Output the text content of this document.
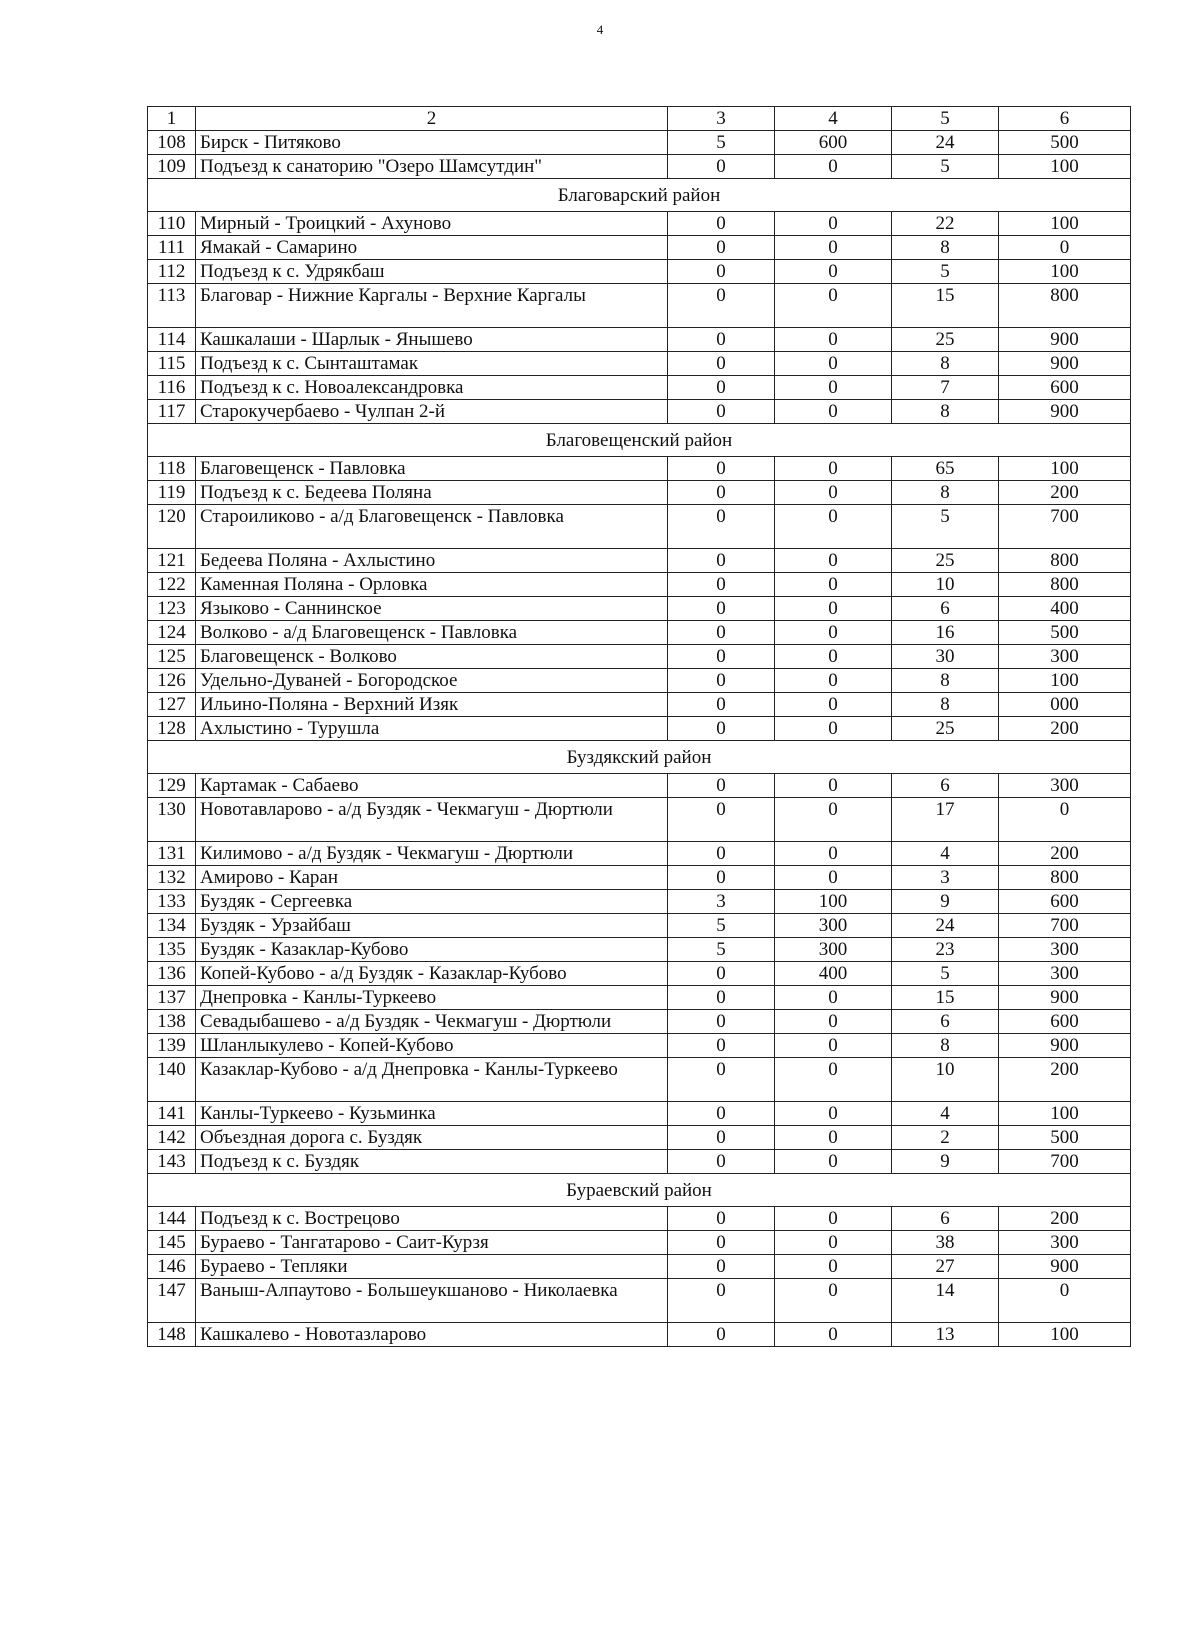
4
1	2	3	4	5	6
108	Бирск - Питяково	5	600	24	500
109	Подъезд к санаторию "Озеро Шамсутдин"	0	0	5	100
Благоварский район					
110	Мирный - Троицкий - Ахуново	0	0	22	100
111	Ямакай - Самарино	0	0	8	0
112	Подъезд к с. Удрякбаш	0	0	5	100
113	Благовар - Нижние Каргалы - Верхние Каргалы	0	0	15	800
114	Кашкалаши - Шарлык - Янышево	0	0	25	900
115	Подъезд к с. Сынташтамак	0	0	8	900
116	Подъезд к с. Новоалександровка	0	0	7	600
117	Старокучербаево - Чулпан 2-й	0	0	8	900
Благовещенский район					
118	Благовещенск - Павловка	0	0	65	100
119	Подъезд к с. Бедеева Поляна	0	0	8	200
120	Староиликово - а/д Благовещенск - Павловка	0	0	5	700
121	Бедеева Поляна - Ахлыстино	0	0	25	800
122	Каменная Поляна - Орловка	0	0	10	800
123	Языково - Саннинское	0	0	6	400
124	Волково - а/д Благовещенск - Павловка	0	0	16	500
125	Благовещенск - Волково	0	0	30	300
126	Удельно-Дуваней - Богородское	0	0	8	100
127	Ильино-Поляна - Верхний Изяк	0	0	8	000
128	Ахлыстино - Турушла	0	0	25	200
Буздякский район					
129	Картамак - Сабаево	0	0	6	300
130	Новотавларово - а/д Буздяк - Чекмагуш - Дюртюли	0	0	17	0
131	Килимово - а/д Буздяк - Чекмагуш - Дюртюли	0	0	4	200
132	Амирово - Каран	0	0	3	800
133	Буздяк - Сергеевка	3	100	9	600
134	Буздяк - Урзайбаш	5	300	24	700
135	Буздяк - Казаклар-Кубово	5	300	23	300
136	Копей-Кубово - а/д Буздяк - Казаклар-Кубово	0	400	5	300
137	Днепровка - Канлы-Туркеево	0	0	15	900
138	Севадыбашево - а/д Буздяк - Чекмагуш - Дюртюли	0	0	6	600
139	Шланлыкулево - Копей-Кубово	0	0	8	900
140	Казаклар-Кубово - а/д Днепровка - Канлы-Туркеево	0	0	10	200
141	Канлы-Туркеево - Кузьминка	0	0	4	100
142	Объездная дорога с. Буздяк	0	0	2	500
143	Подъезд к с. Буздяк	0	0	9	700
Бураевский район					
144	Подъезд к с. Вострецово	0	0	6	200
145	Бураево - Тангатарово - Саит-Курзя	0	0	38	300
146	Бураево - Тепляки	0	0	27	900
147	Ваныш-Алпаутово - Большеукшаново - Николаевка	0	0	14	0
148	Кашкалево - Новотазларово	0	0	13	100
